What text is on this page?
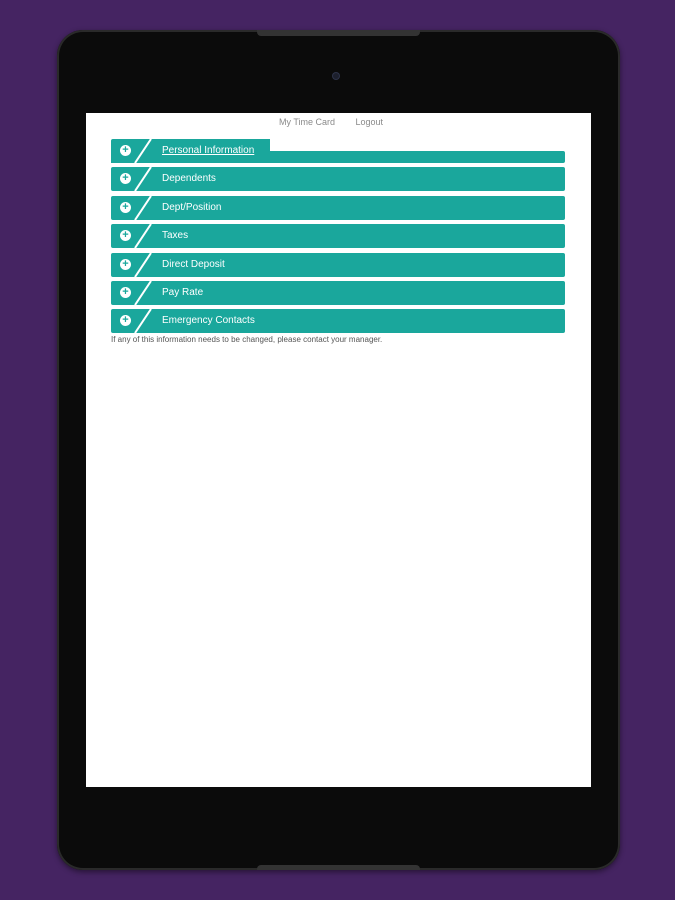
My Time Card Logout
+	Personal Information
+	Dependents
+	Dept/Position
+	Taxes
+	Direct Deposit
+	Pay Rate
+	Emergency Contacts
If any of this information needs to be changed, please contact your manager.
